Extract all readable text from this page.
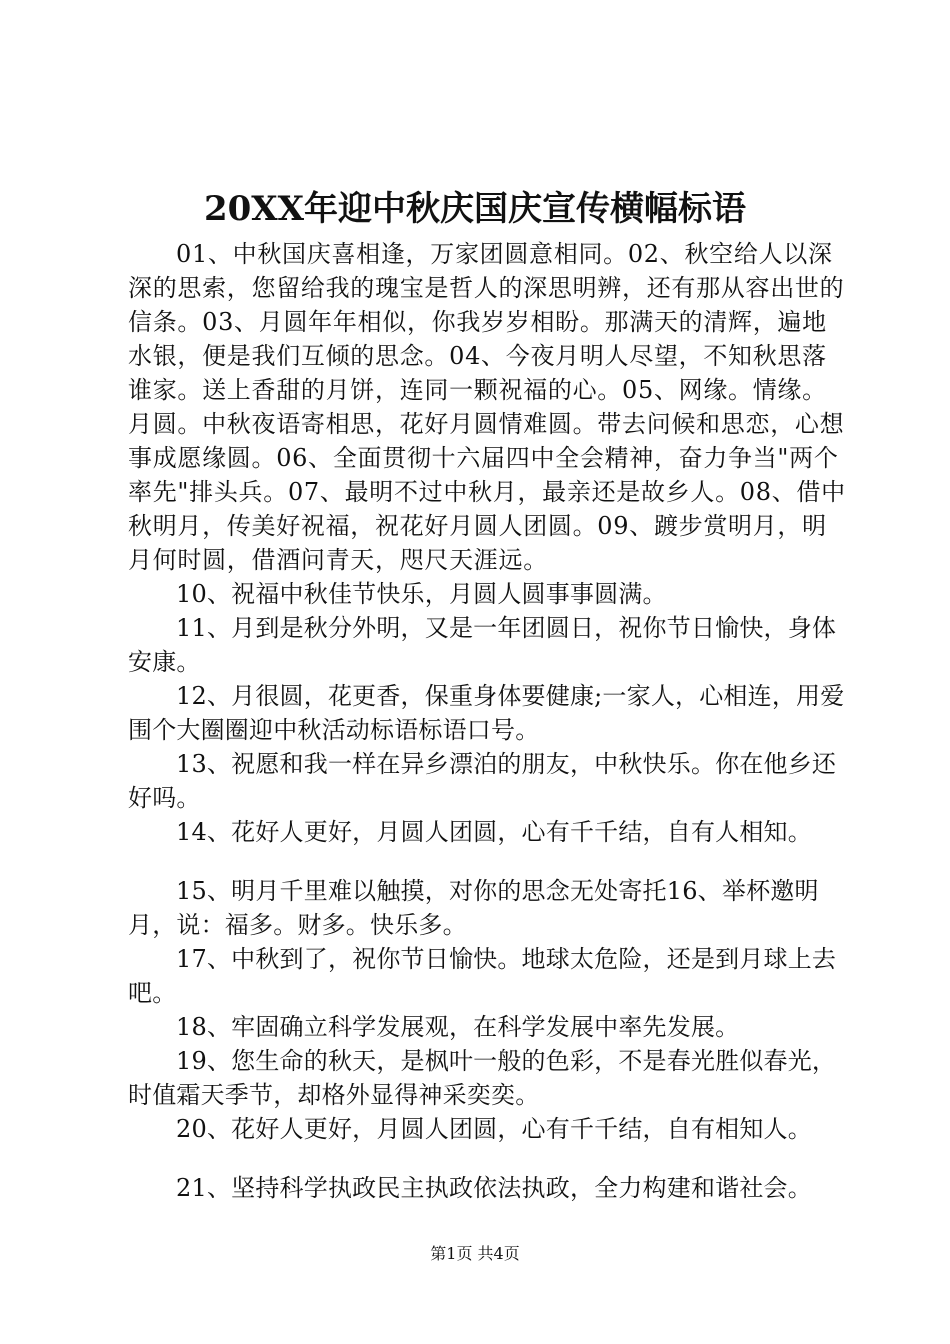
20XX年迎中秋庆国庆宣传横幅标语

01、中秋国庆喜相逢，万家团圆意相同。02、秋空给人以深深的思索，您留给我的瑰宝是哲人的深思明辨，还有那从容出世的信条。03、月圆年年相似，你我岁岁相盼。那满天的清辉，遍地水银，便是我们互倾的思念。04、今夜月明人尽望，不知秋思落谁家。送上香甜的月饼，连同一颗祝福的心。05、网缘。情缘。月圆。中秋夜语寄相思，花好月圆情难圆。带去问候和思恋，心想事成愿缘圆。06、全面贯彻十六届四中全会精神，奋力争当"两个率先"排头兵。07、最明不过中秋月，最亲还是故乡人。08、借中秋明月，传美好祝福，祝花好月圆人团圆。09、踱步赏明月，明月何时圆，借酒问青天，咫尺天涯远。

10、祝福中秋佳节快乐，月圆人圆事事圆满。

11、月到是秋分外明，又是一年团圆日，祝你节日愉快，身体安康。

12、月很圆，花更香，保重身体要健康;一家人，心相连，用爱围个大圈圈迎中秋活动标语标语口号。

13、祝愿和我一样在异乡漂泊的朋友，中秋快乐。你在他乡还好吗。

14、花好人更好，月圆人团圆，心有千千结，自有人相知。

15、明月千里难以触摸，对你的思念无处寄托16、举杯邀明月，说：福多。财多。快乐多。

17、中秋到了，祝你节日愉快。地球太危险，还是到月球上去吧。

18、牢固确立科学发展观，在科学发展中率先发展。

19、您生命的秋天，是枫叶一般的色彩，不是春光胜似春光，时值霜天季节，却格外显得神采奕奕。

20、花好人更好，月圆人团圆，心有千千结，自有相知人。

21、坚持科学执政民主执政依法执政，全力构建和谐社会。

第1页 共4页
